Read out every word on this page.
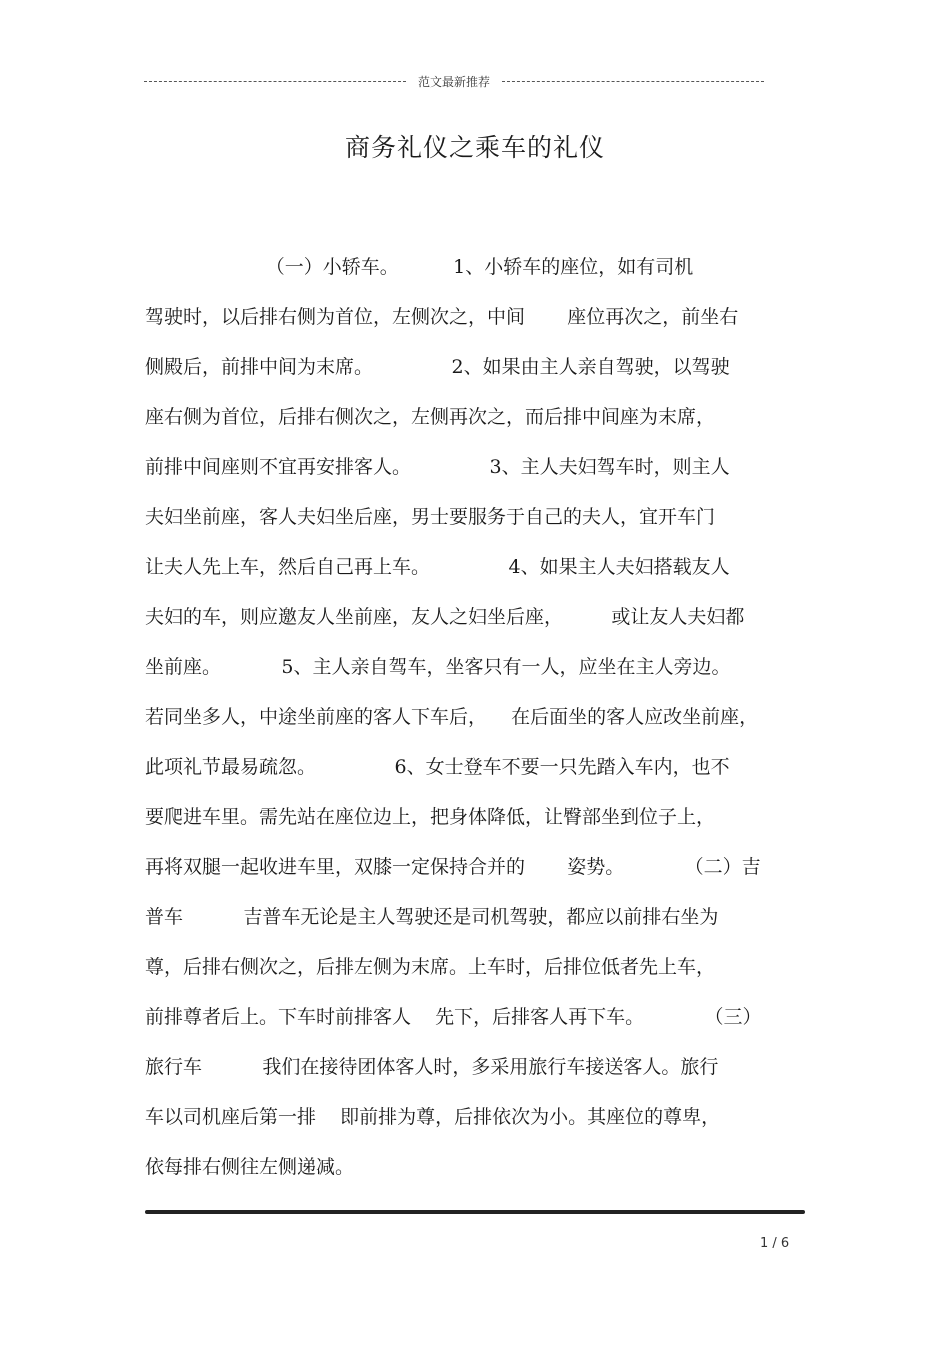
范文最新推荐
商务礼仪之乘车的礼仪
（一）小轿车。         1、小轿车的座位，如有司机
驾驶时，以后排右侧为首位，左侧次之，中间       座位再次之，前坐右
侧殿后，前排中间为末席。             2、如果由主人亲自驾驶，以驾驶
座右侧为首位，后排右侧次之，左侧再次之，而后排中间座为末席，
前排中间座则不宜再安排客人。             3、主人夫妇驾车时，则主人
夫妇坐前座，客人夫妇坐后座，男士要服务于自己的夫人，宜开车门
让夫人先上车，然后自己再上车。             4、如果主人夫妇搭载友人
夫妇的车，则应邀友人坐前座，友人之妇坐后座，        或让友人夫妇都
坐前座。          5、主人亲自驾车，坐客只有一人，应坐在主人旁边。
若同坐多人，中途坐前座的客人下车后，    在后面坐的客人应改坐前座，
此项礼节最易疏忽。             6、女士登车不要一只先踏入车内，也不
要爬进车里。需先站在座位边上，把身体降低，让臀部坐到位子上，
再将双腿一起收进车里，双膝一定保持合并的       姿势。          （二）吉
普车          吉普车无论是主人驾驶还是司机驾驶，都应以前排右坐为
尊，后排右侧次之，后排左侧为末席。上车时，后排位低者先上车，
前排尊者后上。下车时前排客人    先下，后排客人再下车。          （三）
旅行车          我们在接待团体客人时，多采用旅行车接送客人。旅行
车以司机座后第一排    即前排为尊，后排依次为小。其座位的尊卑，
依每排右侧往左侧递减。
1 / 6
